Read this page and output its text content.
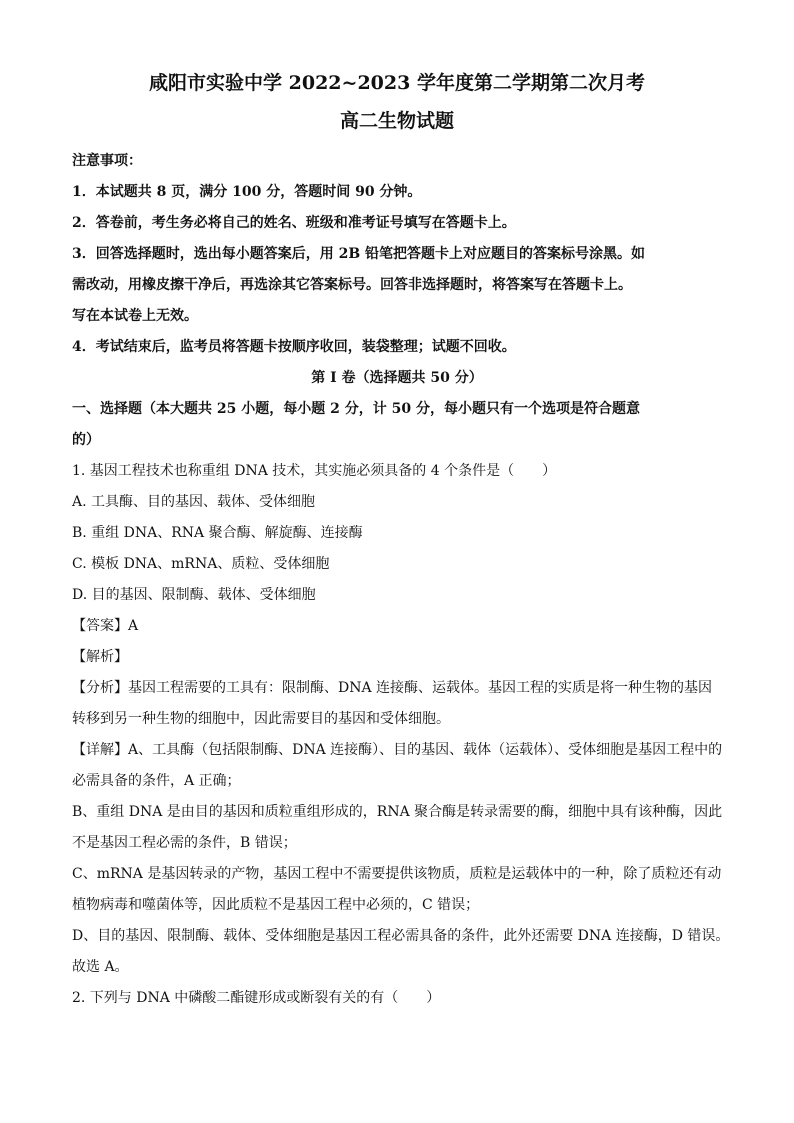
咸阳市实验中学 2022~2023 学年度第二学期第二次月考
高二生物试题

注意事项：

1．本试题共 8 页，满分 100 分，答题时间 90 分钟。

2．答卷前，考生务必将自己的姓名、班级和准考证号填写在答题卡上。

3．回答选择题时，选出每小题答案后，用 2B 铅笔把答题卡上对应题目的答案标号涂黑。如

需改动，用橡皮擦干净后，再选涂其它答案标号。回答非选择题时，将答案写在答题卡上。

写在本试卷上无效。

4．考试结束后，监考员将答题卡按顺序收回，装袋整理；试题不回收。

第 I 卷（选择题共 50 分）

一、选择题（本大题共 25 小题，每小题 2 分，计 50 分，每小题只有一个选项是符合题意

的）

1. 基因工程技术也称重组 DNA 技术，其实施必须具备的 4 个条件是（　　）

A. 工具酶、目的基因、载体、受体细胞

B. 重组 DNA、RNA 聚合酶、解旋酶、连接酶

C. 模板 DNA、mRNA、质粒、受体细胞

D. 目的基因、限制酶、载体、受体细胞

【答案】A

【解析】

【分析】基因工程需要的工具有：限制酶、DNA 连接酶、运载体。基因工程的实质是将一种生物的基因

转移到另一种生物的细胞中，因此需要目的基因和受体细胞。

【详解】A、工具酶（包括限制酶、DNA 连接酶）、目的基因、载体（运载体）、受体细胞是基因工程中的

必需具备的条件，A 正确；

B、重组 DNA 是由目的基因和质粒重组形成的，RNA 聚合酶是转录需要的酶，细胞中具有该种酶，因此

不是基因工程必需的条件，B 错误；

C、mRNA 是基因转录的产物，基因工程中不需要提供该物质，质粒是运载体中的一种，除了质粒还有动

植物病毒和噬菌体等，因此质粒不是基因工程中必须的，C 错误；

D、目的基因、限制酶、载体、受体细胞是基因工程必需具备的条件，此外还需要 DNA 连接酶，D 错误。

故选 A。

2. 下列与 DNA 中磷酸二酯键形成或断裂有关的有（　　）
